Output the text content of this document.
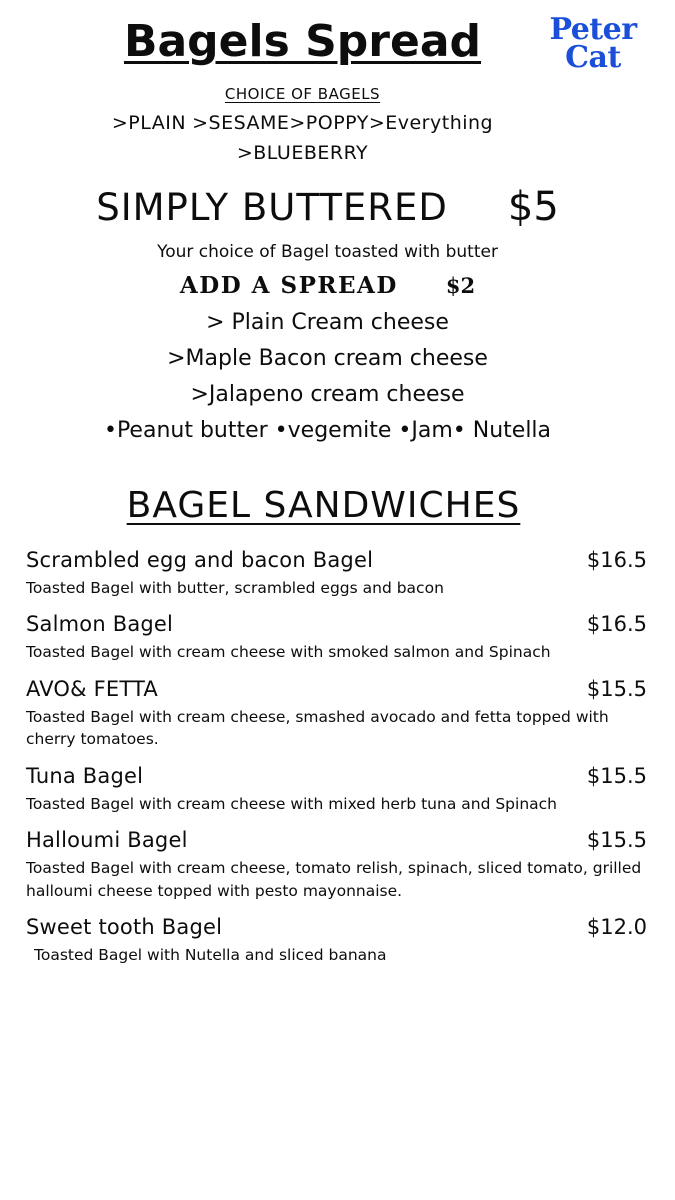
Peter
Cat
Bagels Spread
CHOICE OF BAGELS
>PLAIN >SESAME>POPPY>Everything
>BLUEBERRY
SIMPLY BUTTERED $5
Your choice of Bagel toasted with butter
ADD A SPREAD $2
> Plain Cream cheese
>Maple Bacon cream cheese
>Jalapeno cream cheese
•Peanut butter •vegemite •Jam• Nutella
BAGEL SANDWICHES
Scrambled egg and bacon Bagel	$16.5
Toasted Bagel with butter, scrambled eggs and bacon
Salmon Bagel	$16.5
Toasted Bagel with cream cheese with smoked salmon and Spinach
AVO& FETTA	$15.5
Toasted Bagel with cream cheese, smashed avocado and fetta topped with cherry tomatoes.
Tuna Bagel	$15.5
Toasted Bagel with cream cheese with mixed herb tuna and Spinach
Halloumi Bagel	$15.5
Toasted Bagel with cream cheese, tomato relish, spinach, sliced tomato, grilled halloumi cheese topped with pesto mayonnaise.
Sweet tooth Bagel	$12.0
Toasted Bagel with Nutella and sliced banana
